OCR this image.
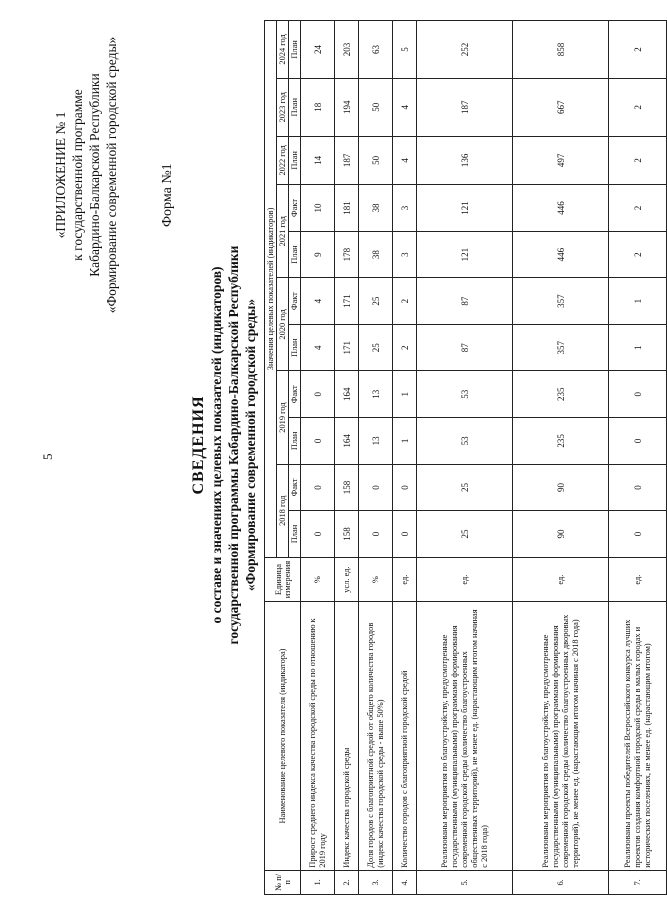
5
«ПРИЛОЖЕНИЕ № 1 к государственной программе Кабардино-Балкарской Республики «Формирование современной городской среды»	Форма №1
СВЕДЕНИЯ о составе и значениях целевых показателей (индикаторов) государственной программы Кабардино-Балкарской Республики «Формирование современной городской среды»
№ п/п	Наименование целевого показателя (индикатора)	Единица измерения	Значения целевых показателей (индикаторов)										
			2018 год		2019 год		2020 год		2021 год		2022 год	2023 год	2024 год
			План	Факт	План	Факт	План	Факт	План	Факт	План	План	План
1.	Прирост среднего индекса качества городской среды по отношению к 2019 году	%	0	0	0	0	4	4	9	10	14	18	24
2.	Индекс качества городской среды	усл. ед.	158	158	164	164	171	171	178	181	187	194	203
3.	Доля городов с благоприятной средой от общего количества городов (индекс качества городской среды - выше 50%)	%	0	0	13	13	25	25	38	38	50	50	63
4.	Количество городов с благоприятной городской средой	ед.	0	0	1	1	2	2	3	3	4	4	5
5.	Реализованы мероприятия по благоустройству, предусмотренные государственными (муниципальными) программами формирования современной городской среды (количество благоустроенных общественных территорий), не менее ед. (нарастающим итогом начиная с 2018 года)	ед.	25	25	53	53	87	87	121	121	136	187	252
6.	Реализованы мероприятия по благоустройству, предусмотренные государственными (муниципальными) программами формирования современной городской среды (количество благоустроенных дворовых территорий), не менее ед. (нарастающим итогом начиная с 2018 года)	ед.	90	90	235	235	357	357	446	446	497	667	858
7.	Реализованы проекты победителей Всероссийского конкурса лучших проектов создания комфортной городской среды в малых городах и исторических поселениях, не менее ед. (нарастающим итогом)	ед.	0	0	0	0	1	1	2	2	2	2	2
